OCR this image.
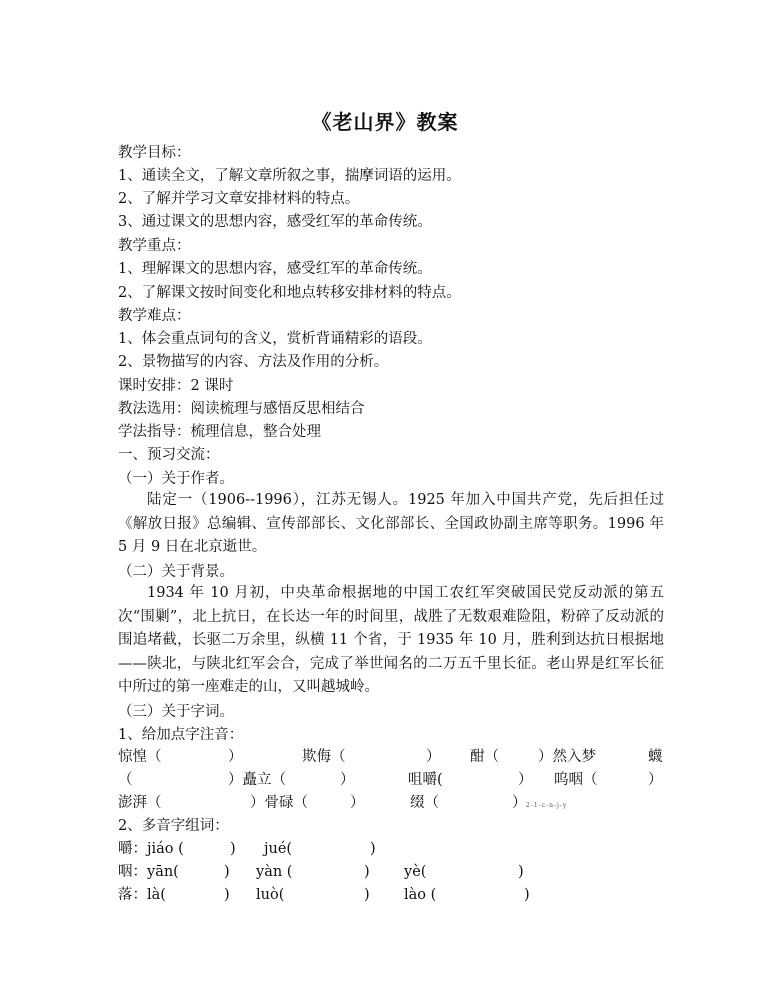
《老山界》教案
教学目标：
1、通读全文，了解文章所叙之事，揣摩词语的运用。
2、了解并学习文章安排材料的特点。
3、通过课文的思想内容，感受红军的革命传统。
教学重点：
1、理解课文的思想内容，感受红军的革命传统。
2、了解课文按时间变化和地点转移安排材料的特点。
教学难点：
1、体会重点词句的含义，赏析背诵精彩的语段。
2、景物描写的内容、方法及作用的分析。
课时安排：2 课时
教法选用：阅读梳理与感悟反思相结合
学法指导：梳理信息，整合处理
一、预习交流：
（一）关于作者。
陆定一（1906--1996），江苏无锡人。1925 年加入中国共产党，先后担任过《解放日报》总编辑、宣传部部长、文化部部长、全国政协副主席等职务。1996 年 5 月 9 日在北京逝世。
（二）关于背景。
1934 年 10 月初，中央革命根据地的中国工农红军突破国民党反动派的第五次“围剿”，北上抗日，在长达一年的时间里，战胜了无数艰难险阻，粉碎了反动派的围追堵截，长驱二万余里，纵横 11 个省，于 1935 年 10 月，胜利到达抗日根据地——陕北，与陕北红军会合，完成了举世闻名的二万五千里长征。老山界是红军长征中所过的第一座难走的山，又叫越城岭。
（三）关于字词。
1、给加点字注音：
惊惶（	）	欺侮（	） 酣（	）然入梦	蠛
（	）矗立（	）	咀嚼(	） 呜咽（	）
澎湃（	）骨碌（	）	缀（	） 2-1-c-n-j-y
2、多音字组词：
嚼：jiáo (	) jué(	)
咽：yān(	) yàn (	) yè(	)
落：là(	) luò(	) lào (	)
